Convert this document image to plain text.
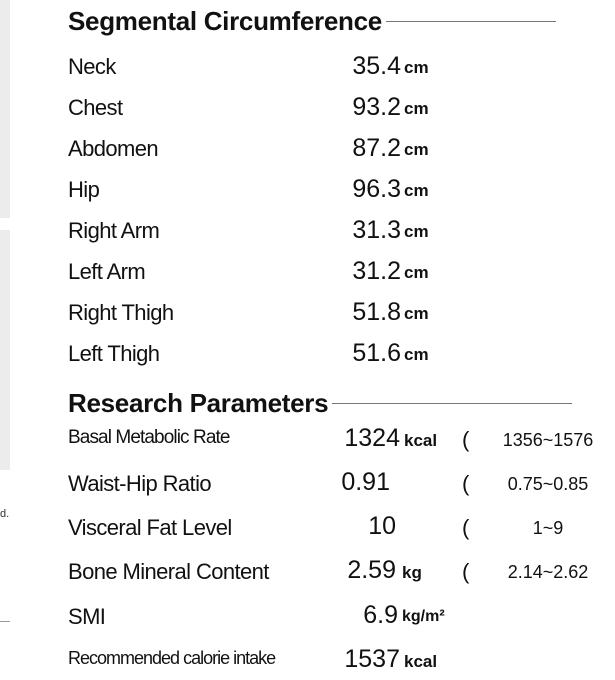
d.
Segmental Circumference
Neck	35.4 cm
Chest	93.2 cm
Abdomen	87.2 cm
Hip	96.3 cm
Right Arm	31.3 cm
Left Arm	31.2 cm
Right Thigh	51.8 cm
Left Thigh	51.6 cm
Research Parameters
Basal Metabolic Rate	1324 kcal (	1356~1576
Waist-Hip Ratio	0.91	(	0.75~0.85
Visceral Fat Level	10	(	1~9
Bone Mineral Content	2.59 kg (	2.14~2.62
SMI	6.9 kg/m²
Recommended calorie intake	1537 kcal
